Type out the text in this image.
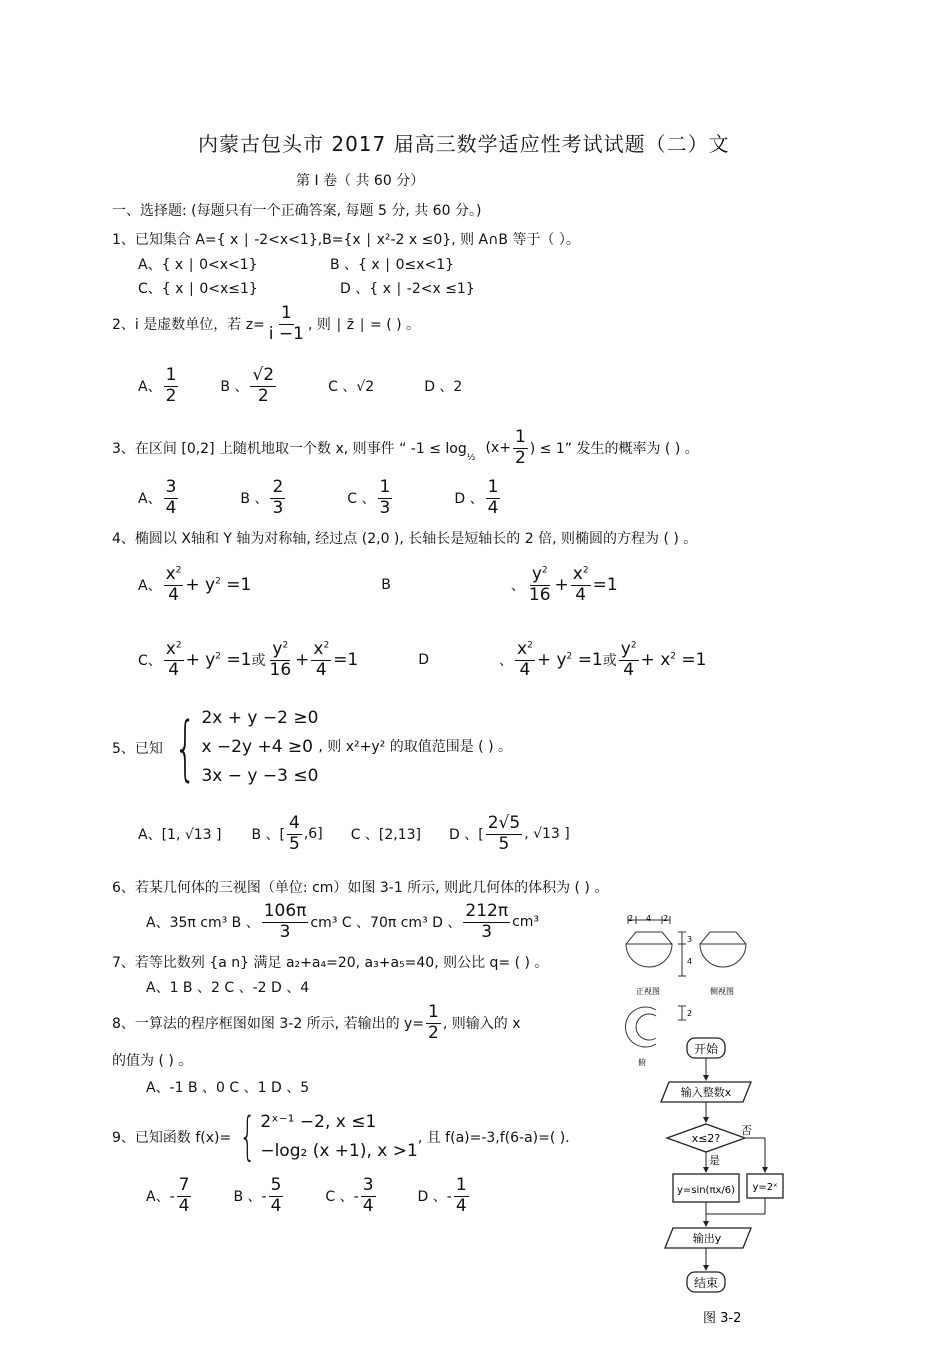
内蒙古包头市 2017 届高三数学适应性考试试题（二）文
第 I 卷（ 共 60 分）
一、选择题: (每题只有一个正确答案, 每题 5 分, 共 60 分。)
1、已知集合 A={ x ∣ -2<x<1},B={x ∣ x²-2 x ≤0}, 则 A∩B 等于（ ）。
A、{ x ∣ 0<x<1}	B 、{ x ∣ 0≤x<1}
C、{ x ∣ 0<x≤1}	D 、{ x ∣ -2<x ≤1}
2、i 是虚数单位，若 $z= \frac{1}{i -1}$ , 则 ∣ z̄ ∣ = ( ) 。
A、 $\frac{1}{2}$	B 、 $\frac{√2}{2}$	C 、√2	D 、2
3、在区间 [0,2] 上随机地取一个数 x, 则事件 “ -1 ≤ log
½
($x+ \frac{1}{2}$ ) ≤ 1” 发生的概率为 ( ) 。
A、 $\frac{3}{4}$	B 、 $\frac{2}{3}$	C 、 $\frac{1}{3}$	D 、 $\frac{1}{4}$
4、椭圆以 X轴和 Y 轴为对称轴, 经过点 (2,0 ), 长轴长是短轴长的 2 倍, 则椭圆的方程为 ( ) 。
A、 $\frac{x^2}{4} + y^2 =1$	B	、 $\frac{y^2}{16} + \frac{x^2}{4} =1$
C、 $\frac{x^2}{4} + y^2 =1$ 或 $\frac{y^2}{16} + \frac{x^2}{4} =1$	D	、 $\frac{x^2}{4} + y^2 =1$ 或 $\frac{y^2}{4} + x^2 =1$
5、已知 { 2x + y −2 ≥0
x −2y +4 ≥0
3x − y −3 ≤0
, 则 x²+y² 的取值范围是 ( ) 。
A、[1, √13 ] B 、[ $\frac{4}{5} ,6$] C 、[2,13] D 、[ $\frac{2√5}{5}$ , √13 ]
6、若某几何体的三视图（单位: cm）如图 3-1 所示, 则此几何体的体积为 ( ) 。
A、35π cm³ B 、 $\frac{106\pi}{3} cm^3$ C 、70π cm³ D 、 $\frac{212\pi}{3} cm^3$
7、若等比数列 {a n} 满足 a₂+a₄=20, a₃+a₅=40, 则公比 q= ( ) 。
A、1 B 、2 C 、-2 D 、4
8、一算法的程序框图如图 3-2 所示, 若输出的 $y= \frac{1}{2}$ , 则输入的 x
的值为 ( ) 。
A、-1 B 、0 C 、1 D 、5
9、已知函数 f(x)= { 2ˣ⁻¹ −2, x ≤1
−log₂ (x +1), x >1
, 且 f(a)=-3,f(6-a)=( ).
A、- $\frac{7}{4}$	B 、- $\frac{5}{4}$	C 、- $\frac{3}{4}$	D 、- $\frac{1}{4}$
2 4 2
3
4
2
正视图	侧视图
俯
开始
输入整数x
x≤2?
否
是
y=sin(πx/6) y=2ˣ
输出y
结束
图 3-2
